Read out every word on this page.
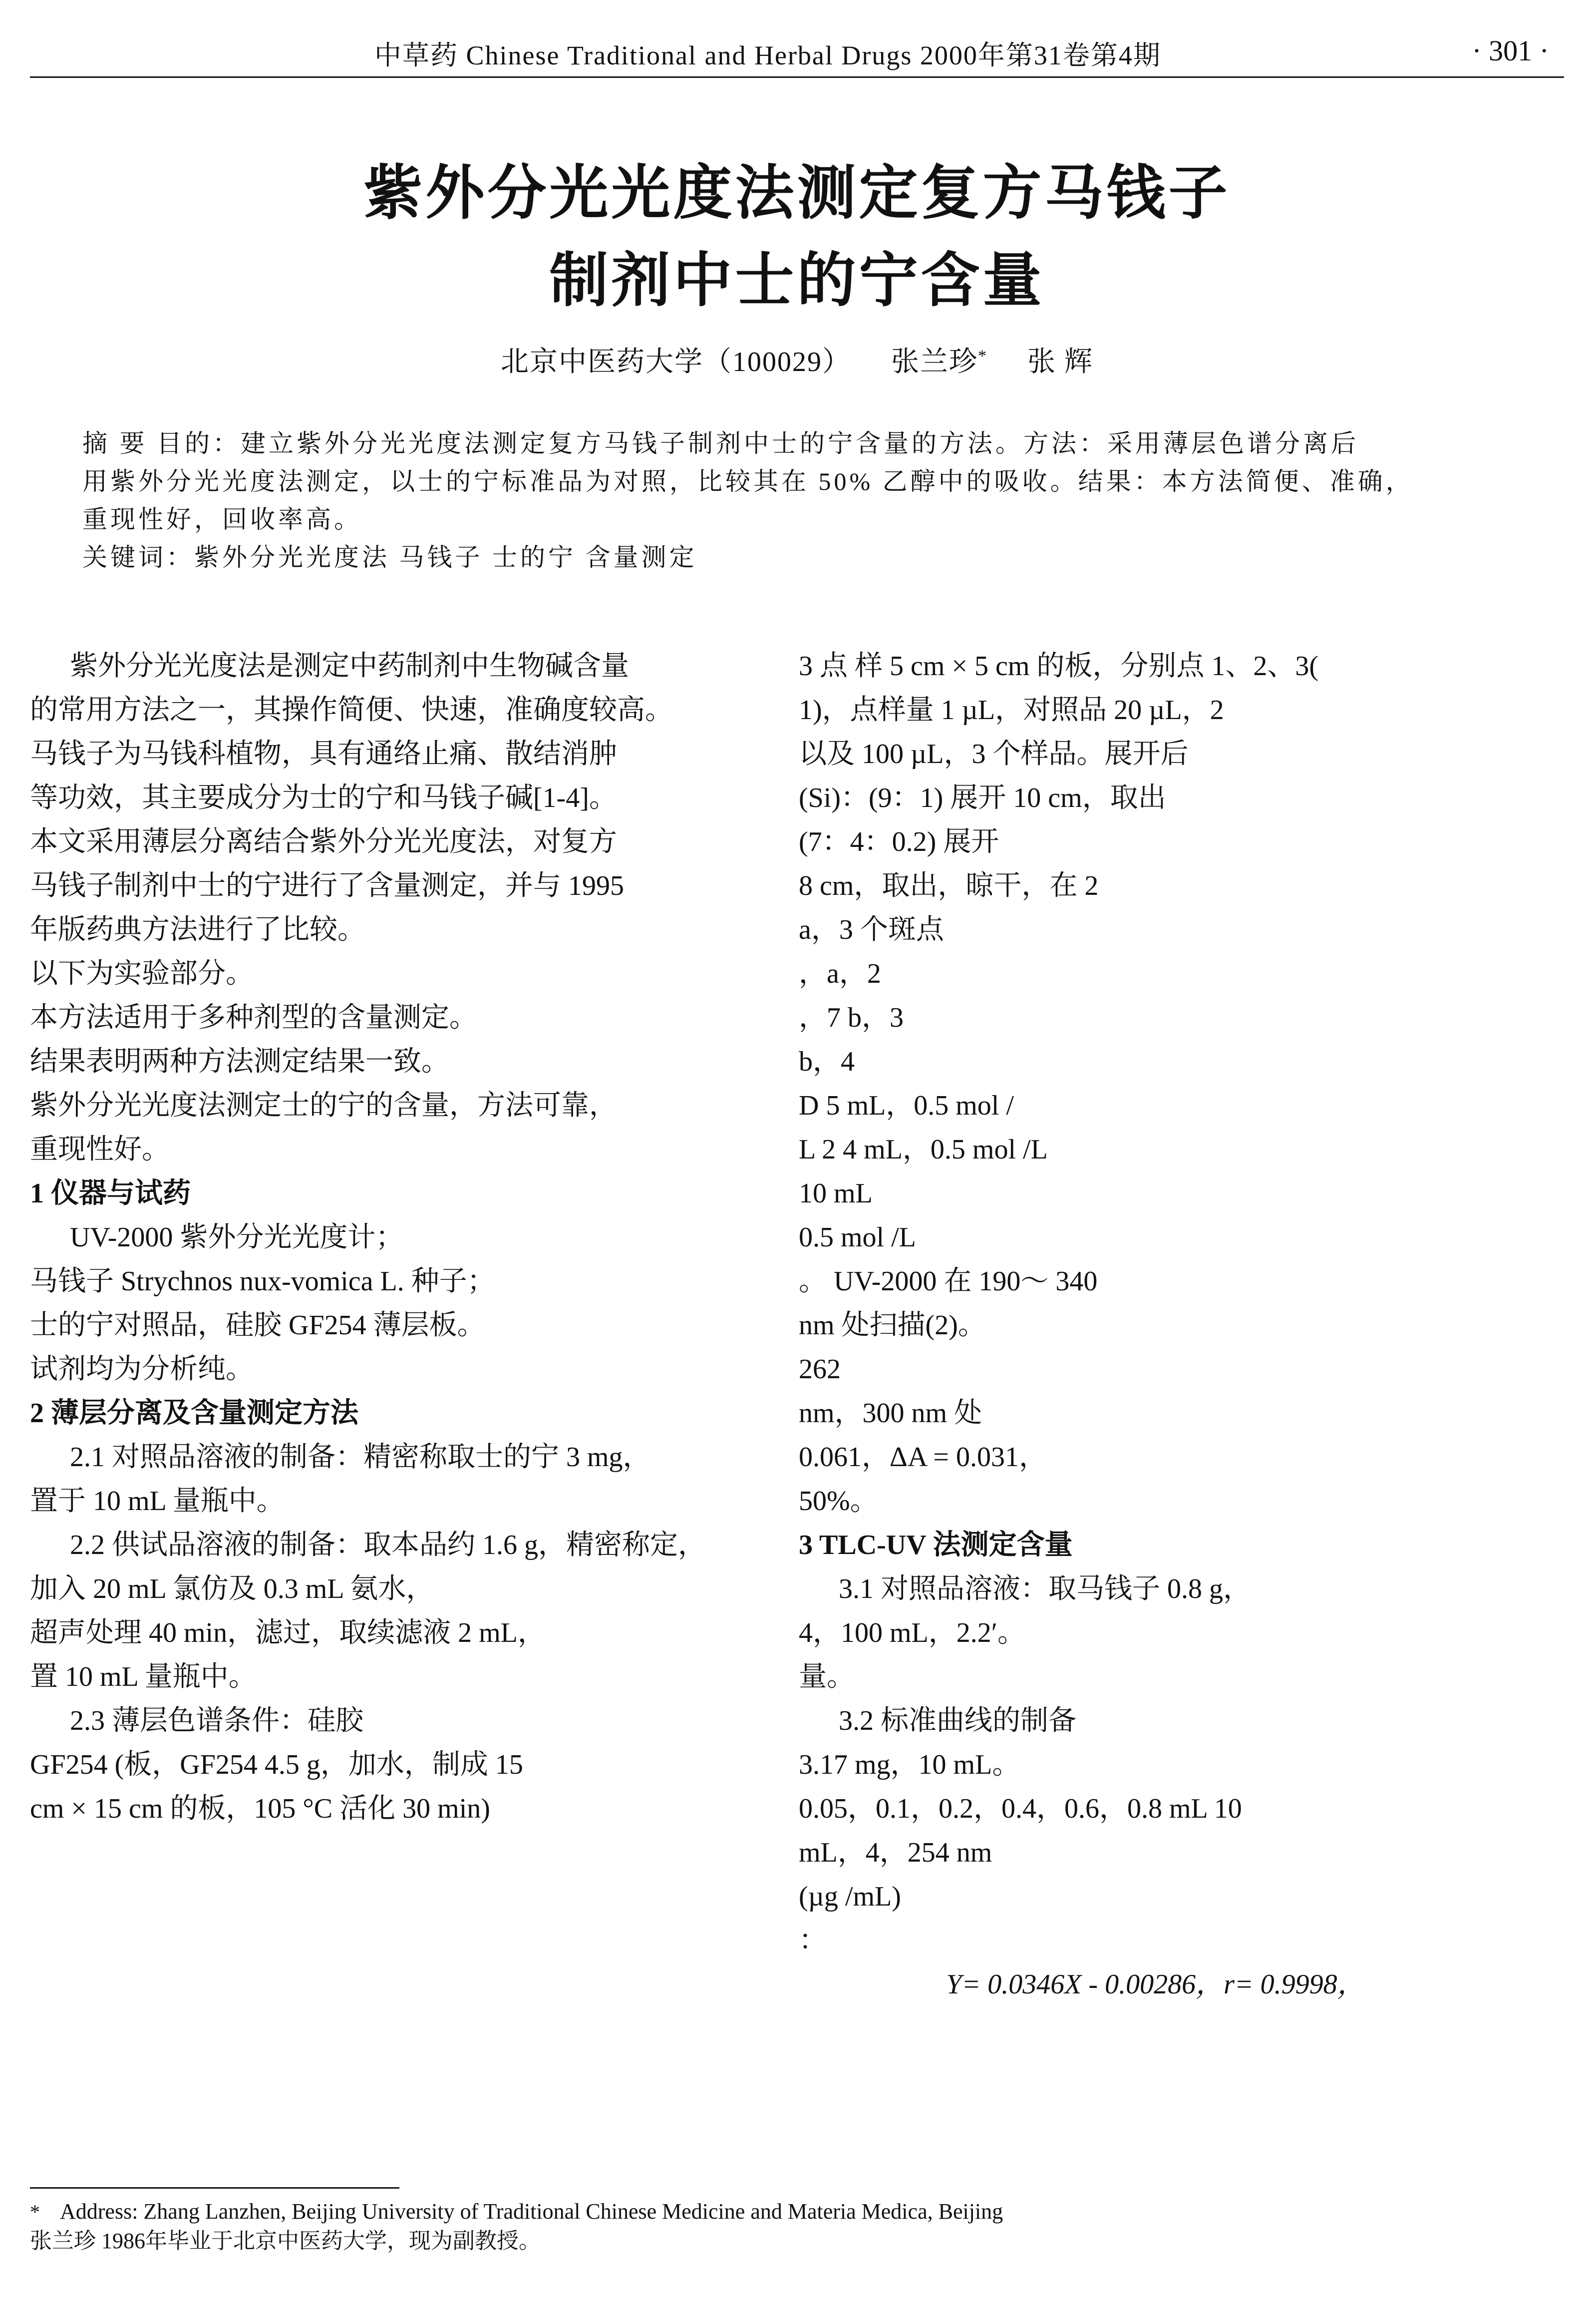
中草药 Chinese Traditional and Herbal Drugs 2000年第31卷第4期	· 301 ·
紫外分光光度法测定复方马钱子
制剂中士的宁含量
北京中医药大学（100029） 张兰珍* 张 辉
摘 要 目的：建立紫外分光光度法测定复方马钱子制剂中士的宁含量的方法。方法：采用薄层色谱分离后
用紫外分光光度法测定，以士的宁标准品为对照，比较其在 50% 乙醇中的吸收。结果：本方法简便、准确，
重现性好，回收率高。
关键词：紫外分光光度法 马钱子 士的宁 含量测定

紫外分光光度法是测定中药制剂中生物碱含量

的常用方法之一，其操作简便、快速，准确度较高。

马钱子为马钱科植物，具有通络止痛、散结消肿

等功效，其主要成分为士的宁和马钱子碱[1-4]。

本文采用薄层分离结合紫外分光光度法，对复方

马钱子制剂中士的宁进行了含量测定，并与 1995

年版药典方法进行了比较。

以下为实验部分。

本方法适用于多种剂型的含量测定。

结果表明两种方法测定结果一致。

紫外分光光度法测定士的宁的含量，方法可靠，

重现性好。

1 仪器与试药

UV-2000 紫外分光光度计；

马钱子 Strychnos nux-vomica L. 种子；

士的宁对照品，硅胶 GF254 薄层板。

试剂均为分析纯。

2 薄层分离及含量测定方法

2.1 对照品溶液的制备：精密称取士的宁 3 mg，

置于 10 mL 量瓶中。

2.2 供试品溶液的制备：取本品约 1.6 g，精密称定，

加入 20 mL 氯仿及 0.3 mL 氨水，

超声处理 40 min，滤过，取续滤液 2 mL，

置 10 mL 量瓶中。

2.3 薄层色谱条件：硅胶

GF254 (板，GF254 4.5 g，加水，制成 15

cm × 15 cm 的板，105 °C 活化 30 min)

3 点 样 5 cm × 5 cm 的板，分别点 1、2、3(

1)，点样量 1 µL，对照品 20 µL，2

以及 100 µL，3 个样品。展开后

(Si)：(9：1) 展开 10 cm，取出

(7：4：0.2) 展开

8 cm，取出，晾干，在 2

a，3 个斑点

，a，2

，7 b，3

b，4

D 5 mL，0.5 mol /

L 2 4 mL，0.5 mol /L

10 mL

0.5 mol /L

。 UV-2000 在 190～ 340

nm 处扫描(2)。

262

nm，300 nm 处

0.061，ΔA = 0.031，

50%。

3 TLC-UV 法测定含量

3.1 对照品溶液：取马钱子 0.8 g，

4，100 mL，2.2′。

量。

3.2 标准曲线的制备

3.17 mg，10 mL。

0.05，0.1，0.2，0.4，0.6，0.8 mL 10

mL，4，254 nm

(µg /mL)

：

Y= 0.0346X - 0.00286，r= 0.9998，

* Address: Zhang Lanzhen, Beijing University of Traditional Chinese Medicine and Materia Medica, Beijing
张兰珍 1986年毕业于北京中医药大学，现为副教授。
